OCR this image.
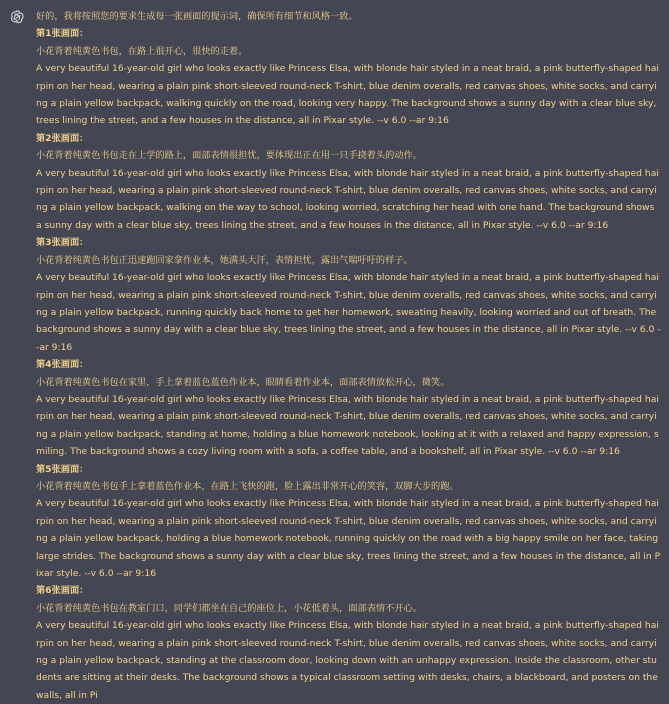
好的，我将按照您的要求生成每一张画面的提示词，确保所有细节和风格一致。

第1张画面：

小花背着纯黄色书包，在路上很开心，很快的走着。

A very beautiful 16-year-old girl who looks exactly like Princess Elsa, with blonde hair styled in a neat braid, a pink butterfly-shaped hairpin on her head, wearing a plain pink short-sleeved round-neck T-shirt, blue denim overalls, red canvas shoes, white socks, and carrying a plain yellow backpack, walking quickly on the road, looking very happy. The background shows a sunny day with a clear blue sky, trees lining the street, and a few houses in the distance, all in Pixar style. --v 6.0 --ar 9:16

第2张画面：

小花背着纯黄色书包走在上学的路上，面部表情很担忧，要体现出正在用一只手挠着头的动作。

A very beautiful 16-year-old girl who looks exactly like Princess Elsa, with blonde hair styled in a neat braid, a pink butterfly-shaped hairpin on her head, wearing a plain pink short-sleeved round-neck T-shirt, blue denim overalls, red canvas shoes, white socks, and carrying a plain yellow backpack, walking on the way to school, looking worried, scratching her head with one hand. The background shows a sunny day with a clear blue sky, trees lining the street, and a few houses in the distance, all in Pixar style. --v 6.0 --ar 9:16

第3张画面：

小花背着纯黄色书包正迅速跑回家拿作业本，她满头大汗，表情担忧，露出气喘吁吁的样子。

A very beautiful 16-year-old girl who looks exactly like Princess Elsa, with blonde hair styled in a neat braid, a pink butterfly-shaped hairpin on her head, wearing a plain pink short-sleeved round-neck T-shirt, blue denim overalls, red canvas shoes, white socks, and carrying a plain yellow backpack, running quickly back home to get her homework, sweating heavily, looking worried and out of breath. The background shows a sunny day with a clear blue sky, trees lining the street, and a few houses in the distance, all in Pixar style. --v 6.0 --ar 9:16

第4张画面：

小花背着纯黄色书包在家里，手上拿着蓝色蓝色作业本，眼睛看着作业本，面部表情放松开心，微笑。

A very beautiful 16-year-old girl who looks exactly like Princess Elsa, with blonde hair styled in a neat braid, a pink butterfly-shaped hairpin on her head, wearing a plain pink short-sleeved round-neck T-shirt, blue denim overalls, red canvas shoes, white socks, and carrying a plain yellow backpack, standing at home, holding a blue homework notebook, looking at it with a relaxed and happy expression, smiling. The background shows a cozy living room with a sofa, a coffee table, and a bookshelf, all in Pixar style. --v 6.0 --ar 9:16

第5张画面：

小花背着纯黄色书包手上拿着蓝色作业本，在路上飞快的跑，脸上露出非常开心的笑容，双脚大步的跑。

A very beautiful 16-year-old girl who looks exactly like Princess Elsa, with blonde hair styled in a neat braid, a pink butterfly-shaped hairpin on her head, wearing a plain pink short-sleeved round-neck T-shirt, blue denim overalls, red canvas shoes, white socks, and carrying a plain yellow backpack, holding a blue homework notebook, running quickly on the road with a big happy smile on her face, taking large strides. The background shows a sunny day with a clear blue sky, trees lining the street, and a few houses in the distance, all in Pixar style. --v 6.0 --ar 9:16

第6张画面：

小花背着纯黄色书包在教室门口，同学们都坐在自己的座位上，小花低着头，面部表情不开心。

A very beautiful 16-year-old girl who looks exactly like Princess Elsa, with blonde hair styled in a neat braid, a pink butterfly-shaped hairpin on her head, wearing a plain pink short-sleeved round-neck T-shirt, blue denim overalls, red canvas shoes, white socks, and carrying a plain yellow backpack, standing at the classroom door, looking down with an unhappy expression. Inside the classroom, other students are sitting at their desks. The background shows a typical classroom setting with desks, chairs, a blackboard, and posters on the walls, all in Pi
